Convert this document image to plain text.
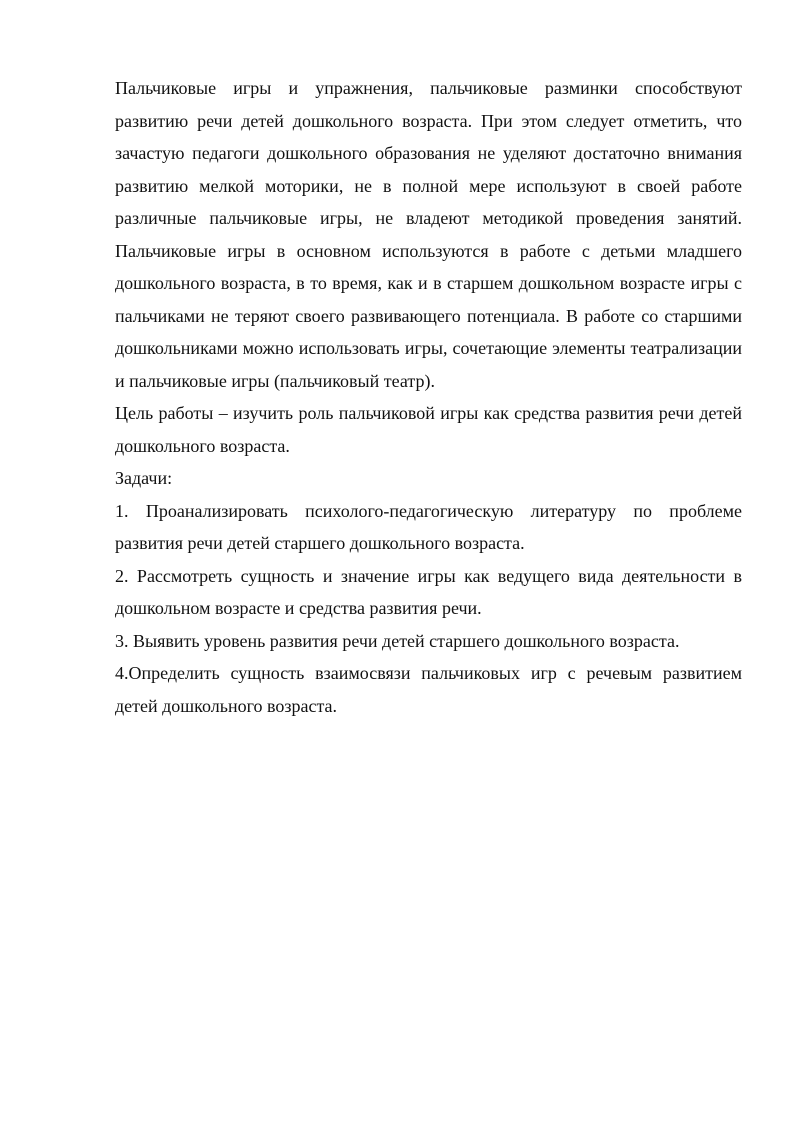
Пальчиковые игры и упражнения, пальчиковые разминки способствуют развитию речи детей дошкольного возраста. При этом следует отметить, что зачастую педагоги дошкольного образования не уделяют достаточно внимания развитию мелкой моторики, не в полной мере используют в своей работе различные пальчиковые игры, не владеют методикой проведения занятий. Пальчиковые игры в основном используются в работе с детьми младшего дошкольного возраста, в то время, как и в старшем дошкольном возрасте игры с пальчиками не теряют своего развивающего потенциала. В работе со старшими дошкольниками можно использовать игры, сочетающие элементы театрализации и пальчиковые игры (пальчиковый театр).

Цель работы – изучить роль пальчиковой игры как средства развития речи детей дошкольного возраста.

Задачи:

1. Проанализировать психолого-педагогическую литературу по проблеме развития речи детей старшего дошкольного возраста.

2. Рассмотреть сущность и значение игры как ведущего вида деятельности в дошкольном возрасте и средства развития речи.

3. Выявить уровень развития речи детей старшего дошкольного возраста.

4.Определить сущность взаимосвязи пальчиковых игр с речевым развитием детей дошкольного возраста.
